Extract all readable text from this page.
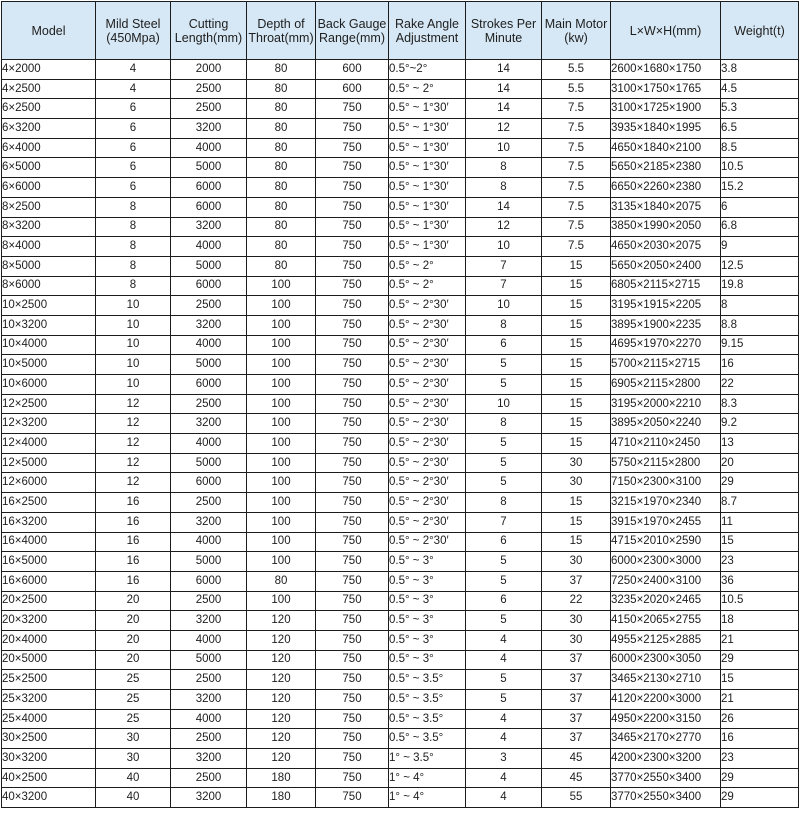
Model	Mild Steel (450Mpa)	Cutting Length(mm)	Depth of Throat(mm)	Back Gauge Range(mm)	Rake Angle Adjustment	Strokes Per Minute	Main Motor (kw)	L×W×H(mm)	Weight(t)
4×2000	4	2000	80	600	0.5°~2°	14	5.5	2600×1680×1750	3.8
4×2500	4	2500	80	600	0.5° ~ 2°	14	5.5	3100×1750×1765	4.5
6×2500	6	2500	80	750	0.5° ~ 1°30′	14	7.5	3100×1725×1900	5.3
6×3200	6	3200	80	750	0.5° ~ 1°30′	12	7.5	3935×1840×1995	6.5
6×4000	6	4000	80	750	0.5° ~ 1°30′	10	7.5	4650×1840×2100	8.5
6×5000	6	5000	80	750	0.5° ~ 1°30′	8	7.5	5650×2185×2380	10.5
6×6000	6	6000	80	750	0.5° ~ 1°30′	8	7.5	6650×2260×2380	15.2
8×2500	8	6000	80	750	0.5° ~ 1°30′	14	7.5	3135×1840×2075	6
8×3200	8	3200	80	750	0.5° ~ 1°30′	12	7.5	3850×1990×2050	6.8
8×4000	8	4000	80	750	0.5° ~ 1°30′	10	7.5	4650×2030×2075	9
8×5000	8	5000	80	750	0.5° ~ 2°	7	15	5650×2050×2400	12.5
8×6000	8	6000	100	750	0.5° ~ 2°	7	15	6805×2115×2715	19.8
10×2500	10	2500	100	750	0.5° ~ 2°30′	10	15	3195×1915×2205	8
10×3200	10	3200	100	750	0.5° ~ 2°30′	8	15	3895×1900×2235	8.8
10×4000	10	4000	100	750	0.5° ~ 2°30′	6	15	4695×1970×2270	9.15
10×5000	10	5000	100	750	0.5° ~ 2°30′	5	15	5700×2115×2715	16
10×6000	10	6000	100	750	0.5° ~ 2°30′	5	15	6905×2115×2800	22
12×2500	12	2500	100	750	0.5° ~ 2°30′	10	15	3195×2000×2210	8.3
12×3200	12	3200	100	750	0.5° ~ 2°30′	8	15	3895×2050×2240	9.2
12×4000	12	4000	100	750	0.5° ~ 2°30′	5	15	4710×2110×2450	13
12×5000	12	5000	100	750	0.5° ~ 2°30′	5	30	5750×2115×2800	20
12×6000	12	6000	100	750	0.5° ~ 2°30′	5	30	7150×2300×3100	29
16×2500	16	2500	100	750	0.5° ~ 2°30′	8	15	3215×1970×2340	8.7
16×3200	16	3200	100	750	0.5° ~ 2°30′	7	15	3915×1970×2455	11
16×4000	16	4000	100	750	0.5° ~ 2°30′	6	15	4715×2010×2590	15
16×5000	16	5000	100	750	0.5° ~ 3°	5	30	6000×2300×3000	23
16×6000	16	6000	80	750	0.5° ~ 3°	5	37	7250×2400×3100	36
20×2500	20	2500	100	750	0.5° ~ 3°	6	22	3235×2020×2465	10.5
20×3200	20	3200	120	750	0.5° ~ 3°	5	30	4150×2065×2755	18
20×4000	20	4000	120	750	0.5° ~ 3°	4	30	4955×2125×2885	21
20×5000	20	5000	120	750	0.5° ~ 3°	4	37	6000×2300×3050	29
25×2500	25	2500	120	750	0.5° ~ 3.5°	5	37	3465×2130×2710	15
25×3200	25	3200	120	750	0.5° ~ 3.5°	5	37	4120×2200×3000	21
25×4000	25	4000	120	750	0.5° ~ 3.5°	4	37	4950×2200×3150	26
30×2500	30	2500	120	750	0.5° ~ 3.5°	4	37	3465×2170×2770	16
30×3200	30	3200	120	750	1° ~ 3.5°	3	45	4200×2300×3200	23
40×2500	40	2500	180	750	1° ~ 4°	4	45	3770×2550×3400	29
40×3200	40	3200	180	750	1° ~ 4°	4	55	3770×2550×3400	29
